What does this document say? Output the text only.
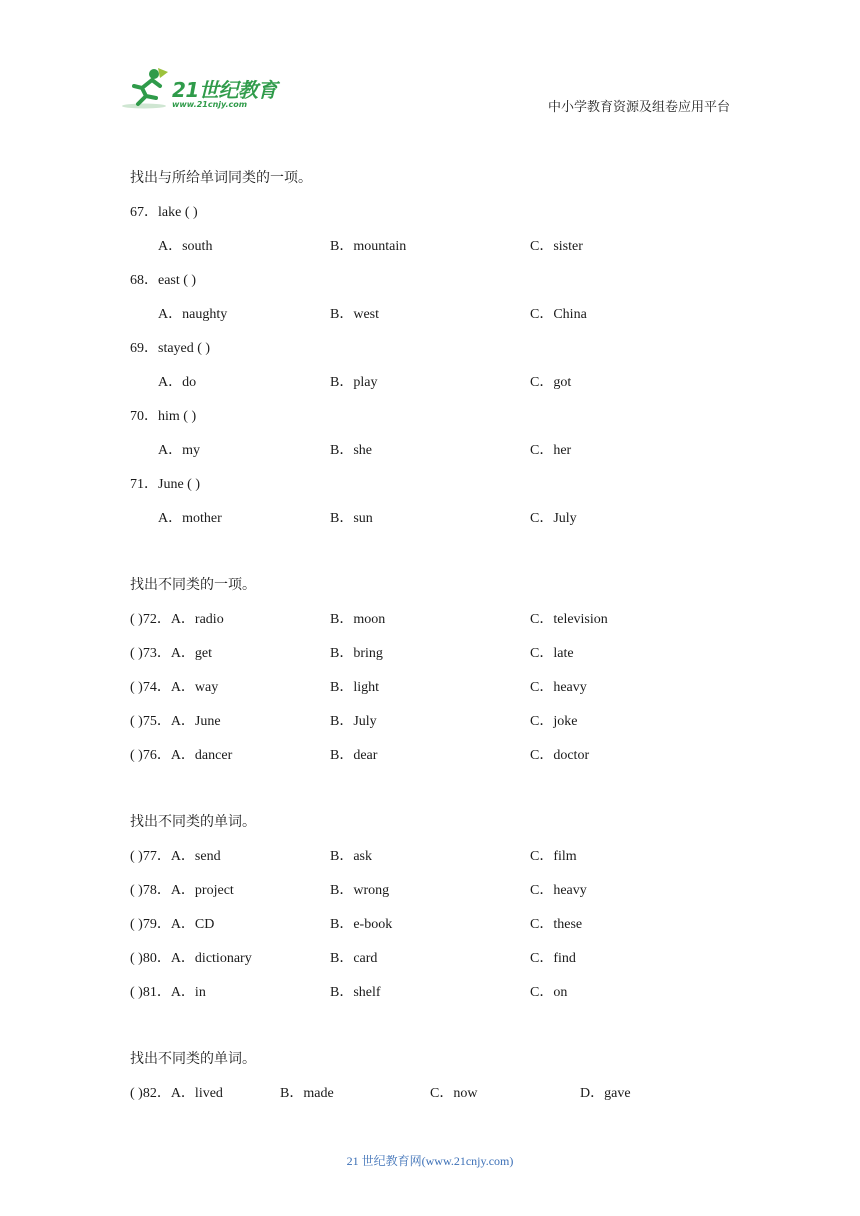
21世纪教育
www.21cnjy.com	中小学教育资源及组卷应用平台
找出与所给单词同类的一项。
67．lake ( )
A．south	B．mountain	C．sister
68．east ( )
A．naughty	B．west	C．China
69．stayed ( )
A．do	B．play	C．got
70．him ( )
A．my	B．she	C．her
71．June ( )
A．mother	B．sun	C．July
找出不同类的一项。
( )72．A．radio	B．moon	C．television
( )73．A．get	B．bring	C．late
( )74．A．way	B．light	C．heavy
( )75．A．June	B．July	C．joke
( )76．A．dancer	B．dear	C．doctor
找出不同类的单词。
( )77．A．send	B．ask	C．film
( )78．A．project	B．wrong	C．heavy
( )79．A．CD	B．e-book	C．these
( )80．A．dictionary	B．card	C．find
( )81．A．in	B．shelf	C．on
找出不同类的单词。
( )82．A．lived	B．made	C．now	D．gave
21 世纪教育网(www.21cnjy.com)
